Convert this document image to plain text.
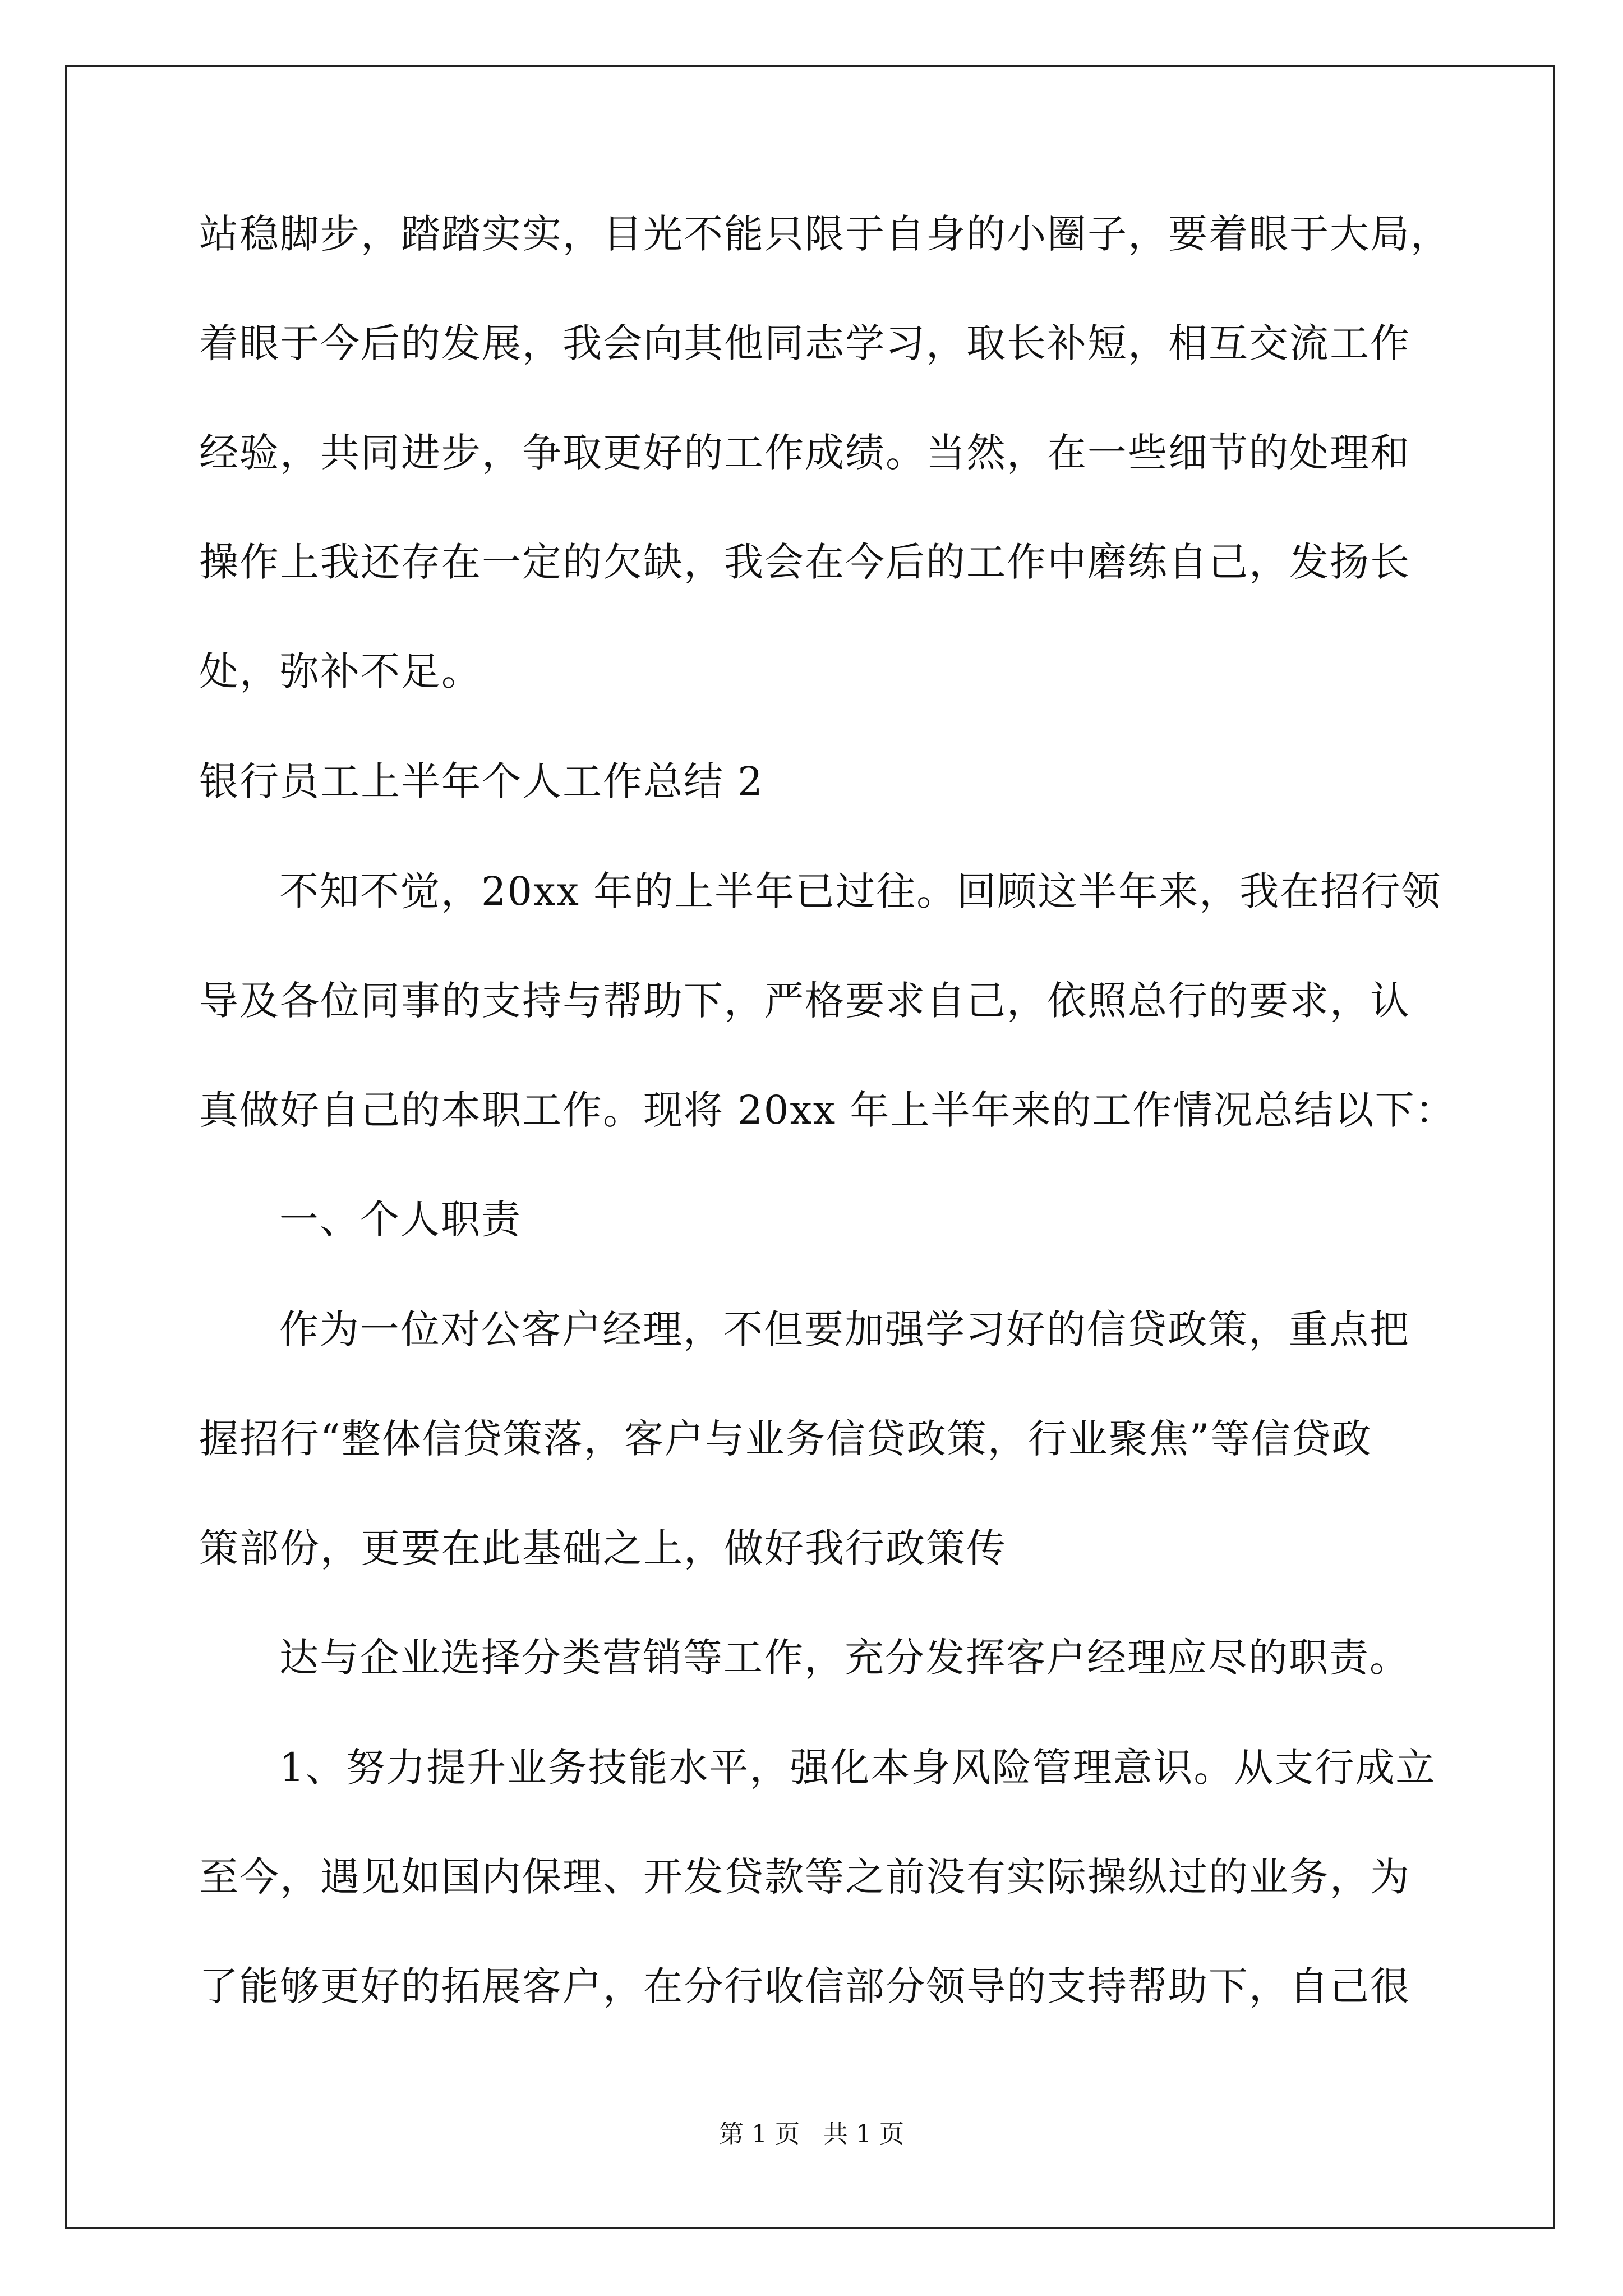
站稳脚步，踏踏实实，目光不能只限于自身的小圈子，要着眼于大局，
着眼于今后的发展，我会向其他同志学习，取长补短，相互交流工作
经验，共同进步，争取更好的工作成绩。当然，在一些细节的处理和
操作上我还存在一定的欠缺，我会在今后的工作中磨练自己，发扬长
处，弥补不足。
银行员工上半年个人工作总结 2
不知不觉，20xx 年的上半年已过往。回顾这半年来，我在招行领
导及各位同事的支持与帮助下，严格要求自己，依照总行的要求，认
真做好自己的本职工作。现将 20xx 年上半年来的工作情况总结以下：
一、个人职责
作为一位对公客户经理，不但要加强学习好的信贷政策，重点把
握招行“整体信贷策落，客户与业务信贷政策，行业聚焦”等信贷政
策部份，更要在此基础之上，做好我行政策传
达与企业选择分类营销等工作，充分发挥客户经理应尽的职责。
1、努力提升业务技能水平，强化本身风险管理意识。从支行成立
至今，遇见如国内保理、开发贷款等之前没有实际操纵过的业务，为
了能够更好的拓展客户，在分行收信部分领导的支持帮助下，自己很
第 1 页   共 1 页
